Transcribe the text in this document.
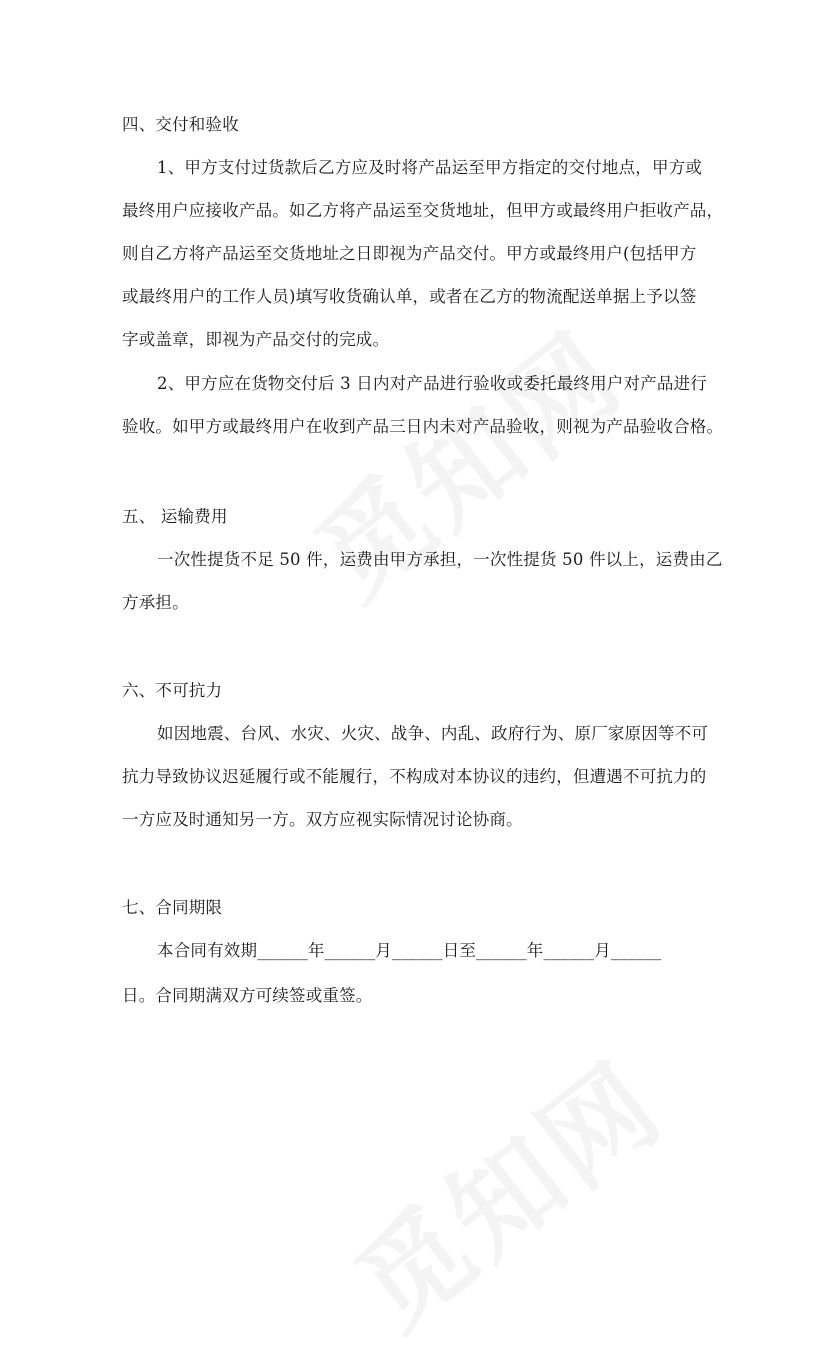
四、交付和验收
1、甲方支付过货款后乙方应及时将产品运至甲方指定的交付地点，甲方或
最终用户应接收产品。如乙方将产品运至交货地址，但甲方或最终用户拒收产品，
则自乙方将产品运至交货地址之日即视为产品交付。甲方或最终用户(包括甲方
或最终用户的工作人员)填写收货确认单，或者在乙方的物流配送单据上予以签
字或盖章，即视为产品交付的完成。
2、甲方应在货物交付后 3 日内对产品进行验收或委托最终用户对产品进行
验收。如甲方或最终用户在收到产品三日内未对产品验收，则视为产品验收合格。
五、 运输费用
一次性提货不足 50 件，运费由甲方承担，一次性提货 50 件以上，运费由乙
方承担。
六、不可抗力
如因地震、台风、水灾、火灾、战争、内乱、政府行为、原厂家原因等不可
抗力导致协议迟延履行或不能履行，不构成对本协议的违约，但遭遇不可抗力的
一方应及时通知另一方。双方应视实际情况讨论协商。
七、合同期限
本合同有效期______年______月______日至______年______月______
日。合同期满双方可续签或重签。
